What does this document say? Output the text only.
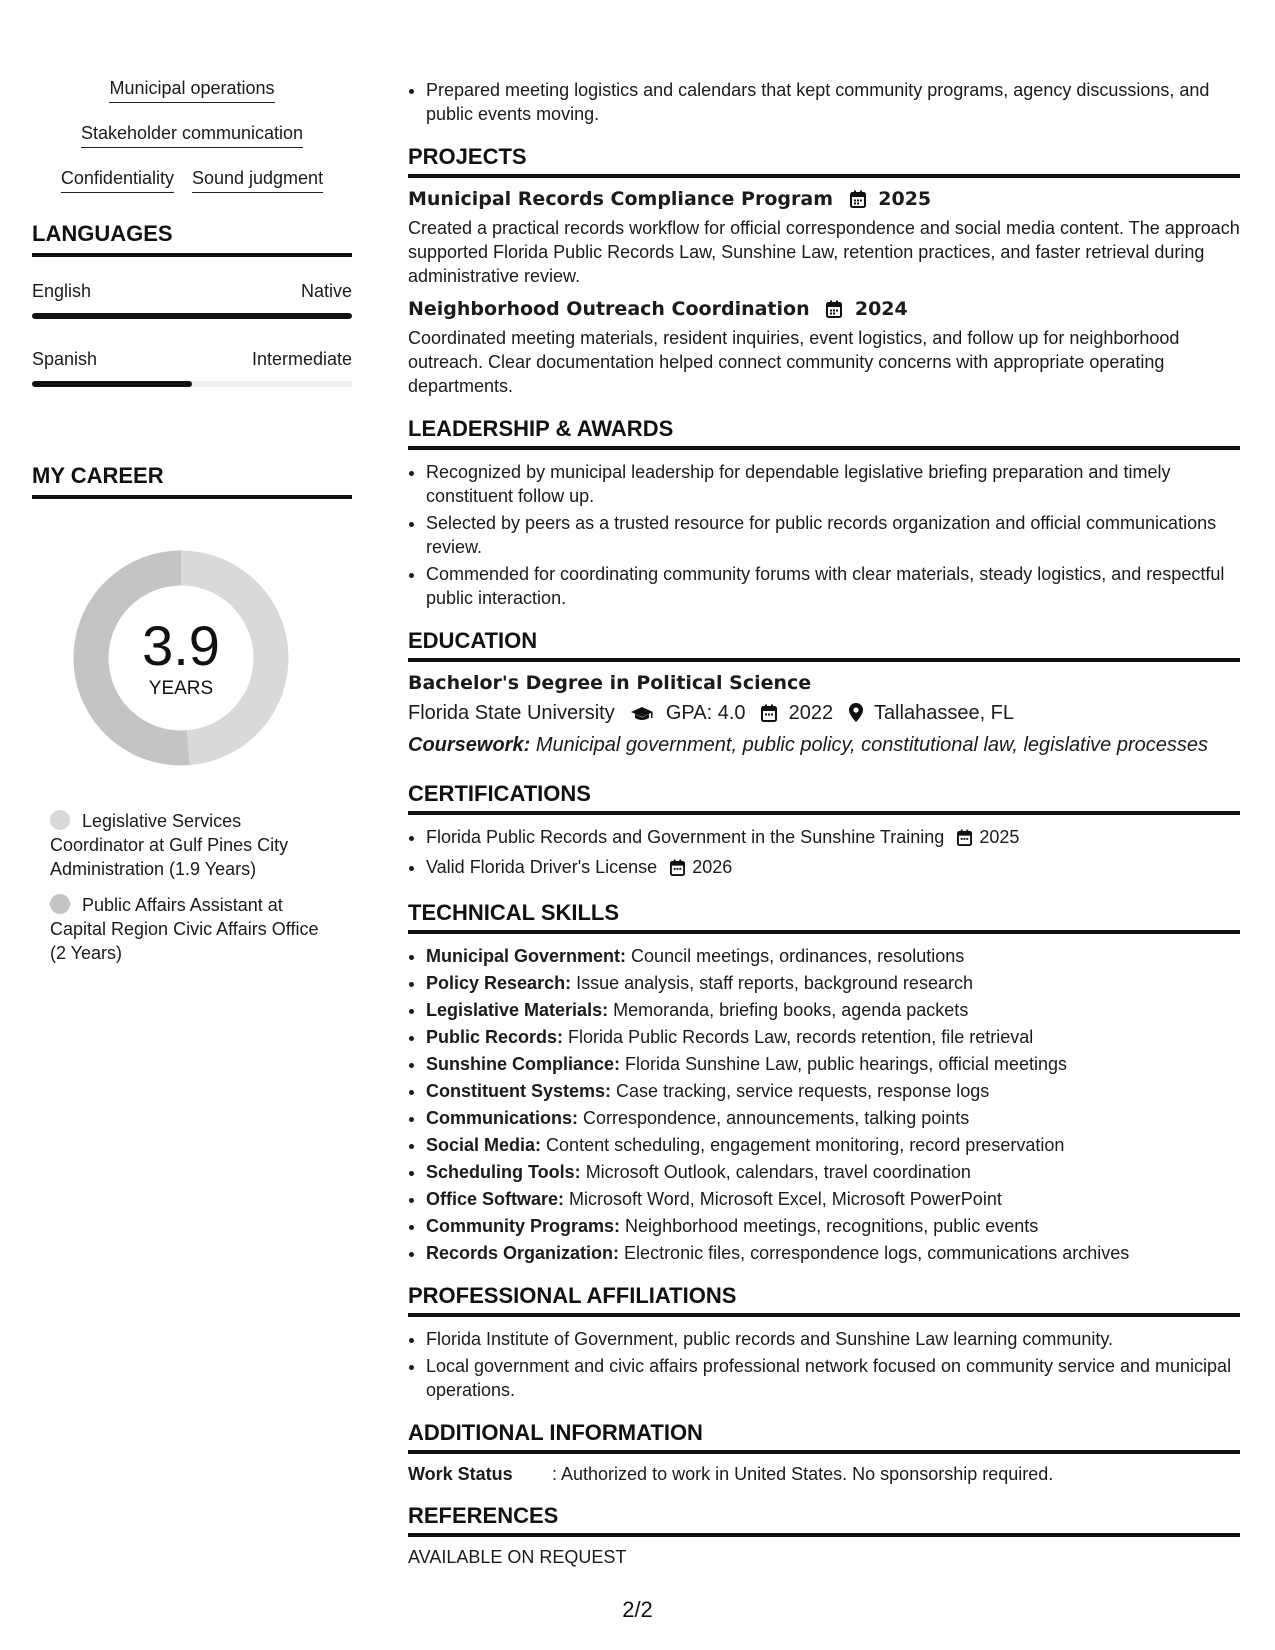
Municipal operations
Stakeholder communication
Confidentiality Sound judgment
LANGUAGES
English	Native
Spanish	Intermediate
MY CAREER
3.9
YEARS
Legislative Services Coordinator at Gulf Pines City Administration (1.9 Years)
Public Affairs Assistant at Capital Region Civic Affairs Office (2 Years)
• Prepared meeting logistics and calendars that kept community programs, agency discussions, and public events moving.
PROJECTS
Municipal Records Compliance Program 2025

Created a practical records workflow for official correspondence and social media content. The approach supported Florida Public Records Law, Sunshine Law, retention practices, and faster retrieval during administrative review.

Neighborhood Outreach Coordination 2024

Coordinated meeting materials, resident inquiries, event logistics, and follow up for neighborhood outreach. Clear documentation helped connect community concerns with appropriate operating departments.

LEADERSHIP & AWARDS
• Recognized by municipal leadership for dependable legislative briefing preparation and timely constituent follow up.
• Selected by peers as a trusted resource for public records organization and official communications review.
• Commended for coordinating community forums with clear materials, steady logistics, and respectful public interaction.
EDUCATION
Bachelor's Degree in Political Science
Florida State University	GPA: 4.0 2022 Tallahassee, FL
Coursework: Municipal government, public policy, constitutional law, legislative processes
CERTIFICATIONS
• Florida Public Records and Government in the Sunshine Training 2025
• Valid Florida Driver's License 2026
TECHNICAL SKILLS
• Municipal Government: Council meetings, ordinances, resolutions
• Policy Research: Issue analysis, staff reports, background research
• Legislative Materials: Memoranda, briefing books, agenda packets
• Public Records: Florida Public Records Law, records retention, file retrieval
• Sunshine Compliance: Florida Sunshine Law, public hearings, official meetings
• Constituent Systems: Case tracking, service requests, response logs
• Communications: Correspondence, announcements, talking points
• Social Media: Content scheduling, engagement monitoring, record preservation
• Scheduling Tools: Microsoft Outlook, calendars, travel coordination
• Office Software: Microsoft Word, Microsoft Excel, Microsoft PowerPoint
• Community Programs: Neighborhood meetings, recognitions, public events
• Records Organization: Electronic files, correspondence logs, communications archives
PROFESSIONAL AFFILIATIONS
• Florida Institute of Government, public records and Sunshine Law learning community.
• Local government and civic affairs professional network focused on community service and municipal operations.
ADDITIONAL INFORMATION
Work Status	: Authorized to work in United States. No sponsorship required.
REFERENCES
AVAILABLE ON REQUEST
2/2
